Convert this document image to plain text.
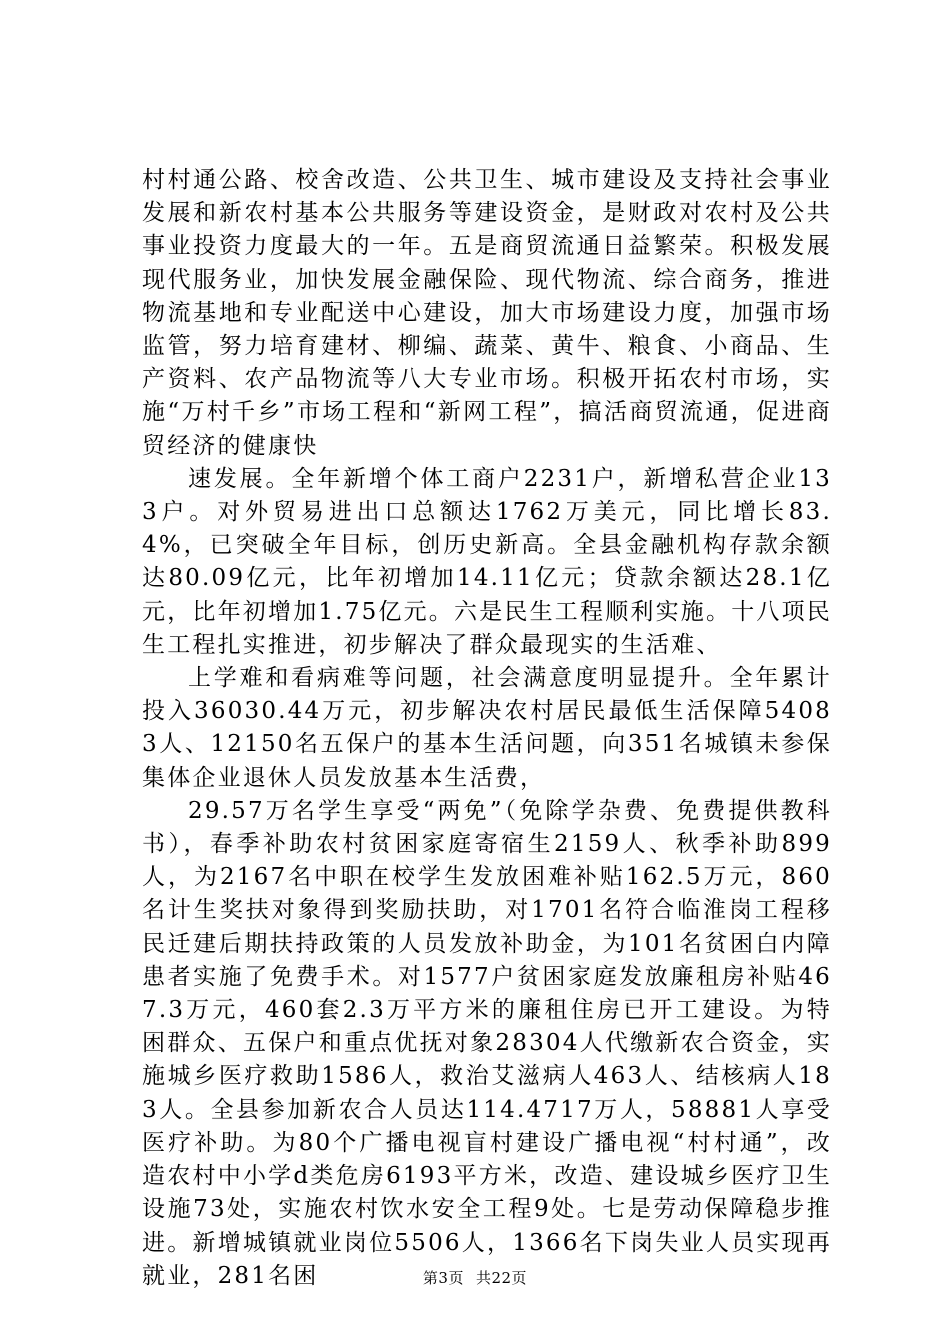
村村通公路、校舍改造、公共卫生、城市建设及支持社会事业发展和新农村基本公共服务等建设资金，是财政对农村及公共事业投资力度最大的一年。五是商贸流通日益繁荣。积极发展现代服务业，加快发展金融保险、现代物流、综合商务，推进物流基地和专业配送中心建设，加大市场建设力度，加强市场监管，努力培育建材、柳编、蔬菜、黄牛、粮食、小商品、生产资料、农产品物流等八大专业市场。积极开拓农村市场，实施“万村千乡”市场工程和“新网工程”，搞活商贸流通，促进商贸经济的健康快

速发展。全年新增个体工商户2231户，新增私营企业133户。对外贸易进出口总额达1762万美元，同比增长83.4%，已突破全年目标，创历史新高。全县金融机构存款余额达80.09亿元，比年初增加14.11亿元；贷款余额达28.1亿元，比年初增加1.75亿元。六是民生工程顺利实施。十八项民生工程扎实推进，初步解决了群众最现实的生活难、

上学难和看病难等问题，社会满意度明显提升。全年累计投入36030.44万元，初步解决农村居民最低生活保障54083人、12150名五保户的基本生活问题，向351名城镇未参保集体企业退休人员发放基本生活费，

29.57万名学生享受“两免”（免除学杂费、免费提供教科书），春季补助农村贫困家庭寄宿生2159人、秋季补助899人，为2167名中职在校学生发放困难补贴162.5万元，860名计生奖扶对象得到奖励扶助，对1701名符合临淮岗工程移民迁建后期扶持政策的人员发放补助金，为101名贫困白内障患者实施了免费手术。对1577户贫困家庭发放廉租房补贴467.3万元，460套2.3万平方米的廉租住房已开工建设。为特困群众、五保户和重点优抚对象28304人代缴新农合资金，实施城乡医疗救助1586人，救治艾滋病人463人、结核病人183人。全县参加新农合人员达114.4717万人，58881人享受医疗补助。为80个广播电视盲村建设广播电视“村村通”，改造农村中小学d类危房6193平方米，改造、建设城乡医疗卫生设施73处，实施农村饮水安全工程9处。七是劳动保障稳步推进。新增城镇就业岗位5506人，1366名下岗失业人员实现再就业，281名困	第3页 共22页
